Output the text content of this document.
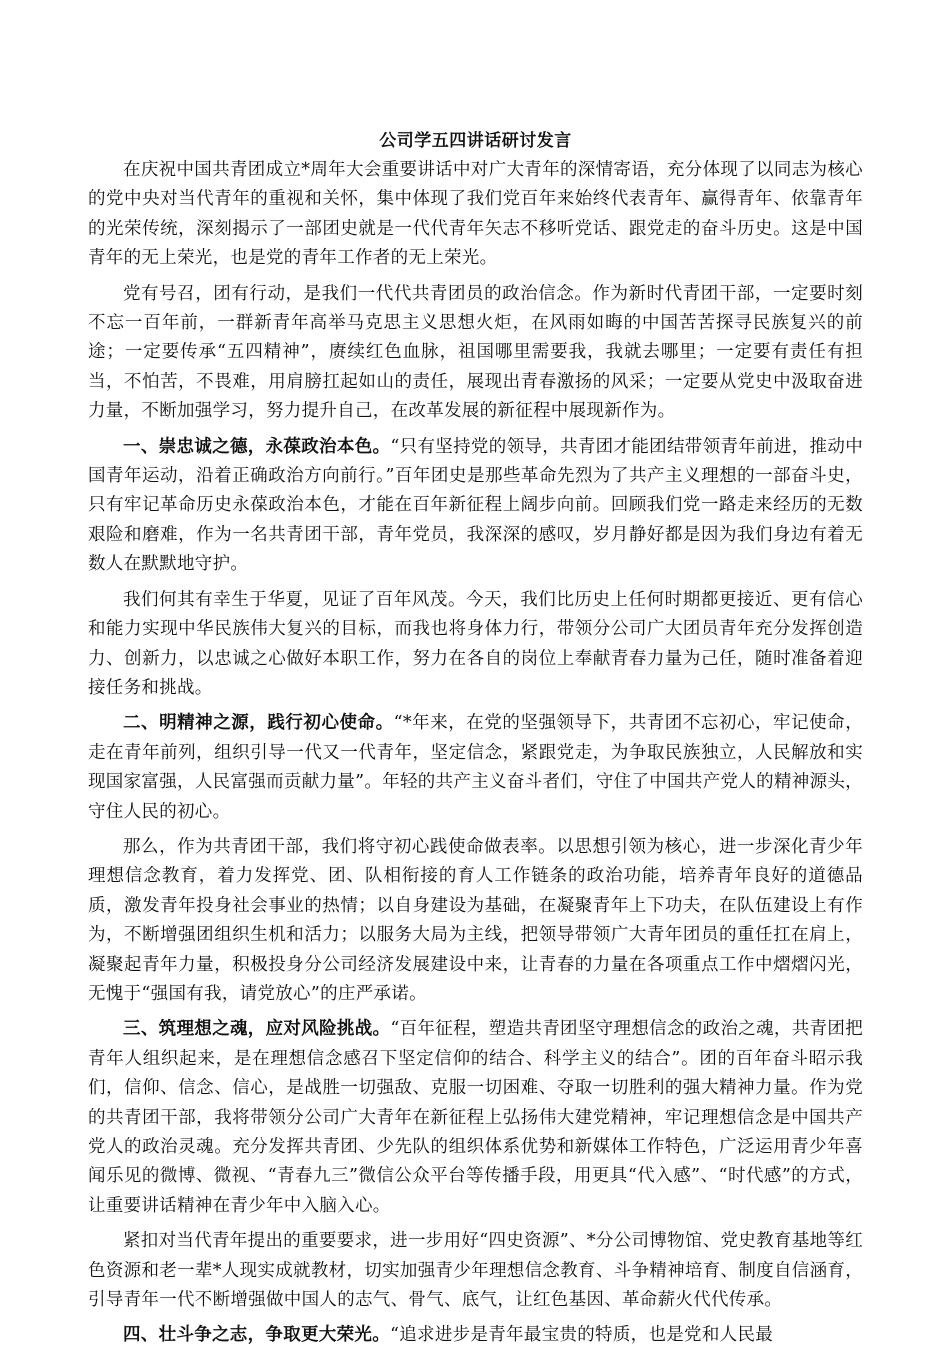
公司学五四讲话研讨发言

在庆祝中国共青团成立*周年大会重要讲话中对广大青年的深情寄语，充分体现了以同志为核心的党中央对当代青年的重视和关怀，集中体现了我们党百年来始终代表青年、赢得青年、依靠青年的光荣传统，深刻揭示了一部团史就是一代代青年矢志不移听党话、跟党走的奋斗历史。这是中国青年的无上荣光，也是党的青年工作者的无上荣光。

党有号召，团有行动，是我们一代代共青团员的政治信念。作为新时代青团干部，一定要时刻不忘一百年前，一群新青年高举马克思主义思想火炬，在风雨如晦的中国苦苦探寻民族复兴的前途；一定要传承“五四精神”，赓续红色血脉，祖国哪里需要我，我就去哪里；一定要有责任有担当，不怕苦，不畏难，用肩膀扛起如山的责任，展现出青春激扬的风采；一定要从党史中汲取奋进力量，不断加强学习，努力提升自己，在改革发展的新征程中展现新作为。

一、崇忠诚之德，永葆政治本色。“只有坚持党的领导，共青团才能团结带领青年前进，推动中国青年运动，沿着正确政治方向前行。”百年团史是那些革命先烈为了共产主义理想的一部奋斗史，只有牢记革命历史永葆政治本色，才能在百年新征程上阔步向前。回顾我们党一路走来经历的无数艰险和磨难，作为一名共青团干部，青年党员，我深深的感叹，岁月静好都是因为我们身边有着无数人在默默地守护。

我们何其有幸生于华夏，见证了百年风茂。今天，我们比历史上任何时期都更接近、更有信心和能力实现中华民族伟大复兴的目标，而我也将身体力行，带领分公司广大团员青年充分发挥创造力、创新力，以忠诚之心做好本职工作，努力在各自的岗位上奉献青春力量为己任，随时准备着迎接任务和挑战。

二、明精神之源，践行初心使命。“*年来，在党的坚强领导下，共青团不忘初心，牢记使命，走在青年前列，组织引导一代又一代青年，坚定信念，紧跟党走，为争取民族独立，人民解放和实现国家富强，人民富强而贡献力量”。年轻的共产主义奋斗者们，守住了中国共产党人的精神源头，守住人民的初心。

那么，作为共青团干部，我们将守初心践使命做表率。以思想引领为核心，进一步深化青少年理想信念教育，着力发挥党、团、队相衔接的育人工作链条的政治功能，培养青年良好的道德品质，激发青年投身社会事业的热情；以自身建设为基础，在凝聚青年上下功夫，在队伍建设上有作为，不断增强团组织生机和活力；以服务大局为主线，把领导带领广大青年团员的重任扛在肩上，凝聚起青年力量，积极投身分公司经济发展建设中来，让青春的力量在各项重点工作中熠熠闪光，无愧于“强国有我，请党放心”的庄严承诺。

三、筑理想之魂，应对风险挑战。“百年征程，塑造共青团坚守理想信念的政治之魂，共青团把青年人组织起来，是在理想信念感召下坚定信仰的结合、科学主义的结合”。团的百年奋斗昭示我们，信仰、信念、信心，是战胜一切强敌、克服一切困难、夺取一切胜利的强大精神力量。作为党的共青团干部，我将带领分公司广大青年在新征程上弘扬伟大建党精神，牢记理想信念是中国共产党人的政治灵魂。充分发挥共青团、少先队的组织体系优势和新媒体工作特色，广泛运用青少年喜闻乐见的微博、微视、“青春九三”微信公众平台等传播手段，用更具“代入感”、“时代感”的方式，让重要讲话精神在青少年中入脑入心。

紧扣对当代青年提出的重要要求，进一步用好“四史资源”、*分公司博物馆、党史教育基地等红色资源和老一辈*人现实成就教材，切实加强青少年理想信念教育、斗争精神培育、制度自信涵育，引导青年一代不断增强做中国人的志气、骨气、底气，让红色基因、革命薪火代代传承。

四、壮斗争之志，争取更大荣光。“追求进步是青年最宝贵的特质，也是党和人民最
